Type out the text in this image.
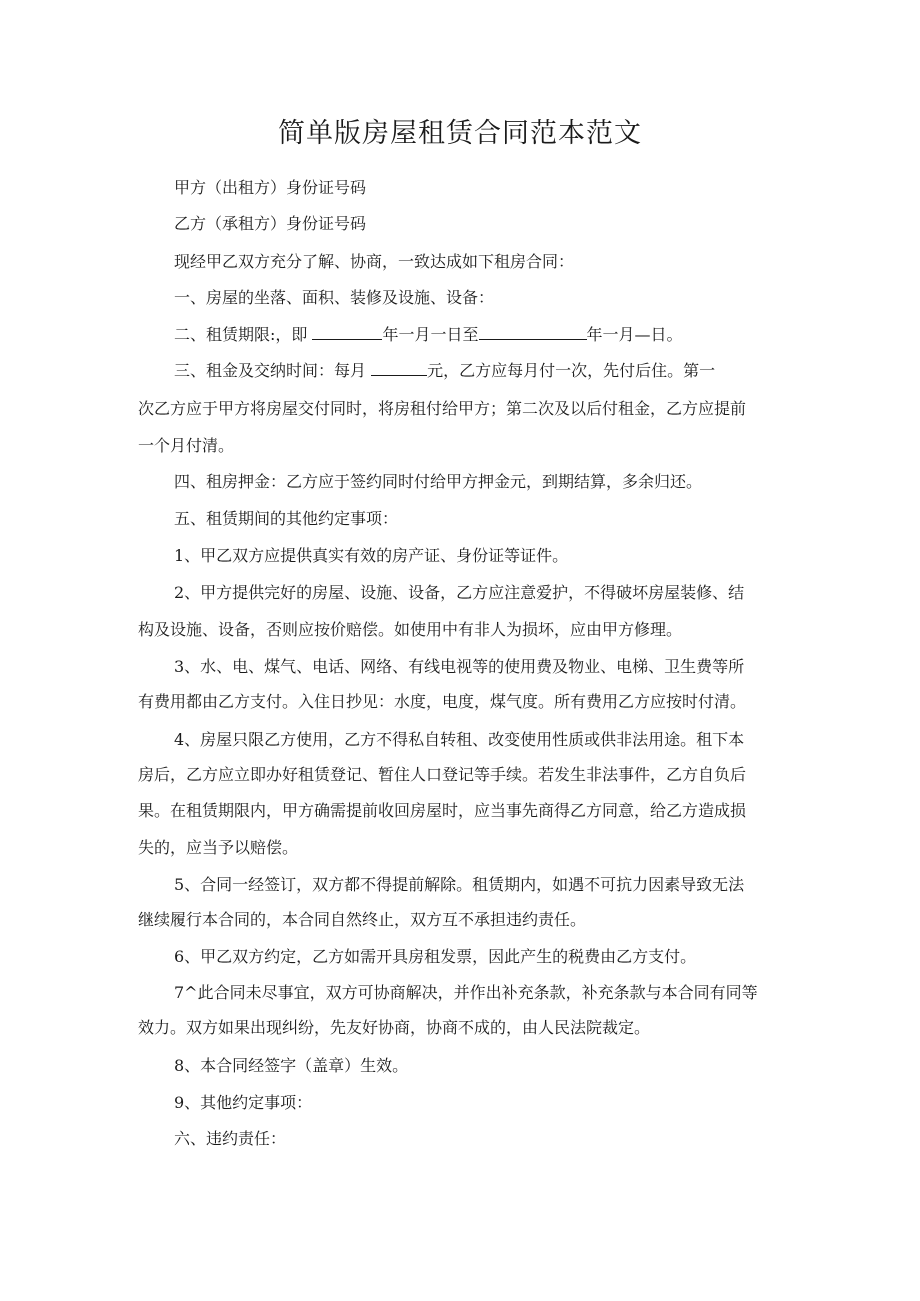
简单版房屋租赁合同范本范文
甲方（出租方）身份证号码
乙方（承租方）身份证号码
现经甲乙双方充分了解、协商，一致达成如下租房合同：
一、房屋的坐落、面积、装修及设施、设备：
二、租赁期限:，即	年一月一日至	年一月—日。
三、租金及交纳时间：每月	元，乙方应每月付一次，先付后住。第一
次乙方应于甲方将房屋交付同时，将房租付给甲方；第二次及以后付租金，乙方应提前
一个月付清。
四、租房押金：乙方应于签约同时付给甲方押金元，到期结算，多余归还。
五、租赁期间的其他约定事项：
1、甲乙双方应提供真实有效的房产证、身份证等证件。
2、甲方提供完好的房屋、设施、设备，乙方应注意爱护，不得破坏房屋装修、结
构及设施、设备，否则应按价赔偿。如使用中有非人为损坏，应由甲方修理。
3、水、电、煤气、电话、网络、有线电视等的使用费及物业、电梯、卫生费等所
有费用都由乙方支付。入住日抄见：水度，电度，煤气度。所有费用乙方应按时付清。
4、房屋只限乙方使用，乙方不得私自转租、改变使用性质或供非法用途。租下本
房后，乙方应立即办好租赁登记、暂住人口登记等手续。若发生非法事件，乙方自负后
果。在租赁期限内，甲方确需提前收回房屋时，应当事先商得乙方同意，给乙方造成损
失的，应当予以赔偿。
5、合同一经签订，双方都不得提前解除。租赁期内，如遇不可抗力因素导致无法
继续履行本合同的，本合同自然终止，双方互不承担违约责任。
6、甲乙双方约定，乙方如需开具房租发票，因此产生的税费由乙方支付。
7^此合同未尽事宜，双方可协商解决，并作出补充条款，补充条款与本合同有同等
效力。双方如果出现纠纷，先友好协商，协商不成的，由人民法院裁定。
8、本合同经签字（盖章）生效。
9、其他约定事项：
六、违约责任：
